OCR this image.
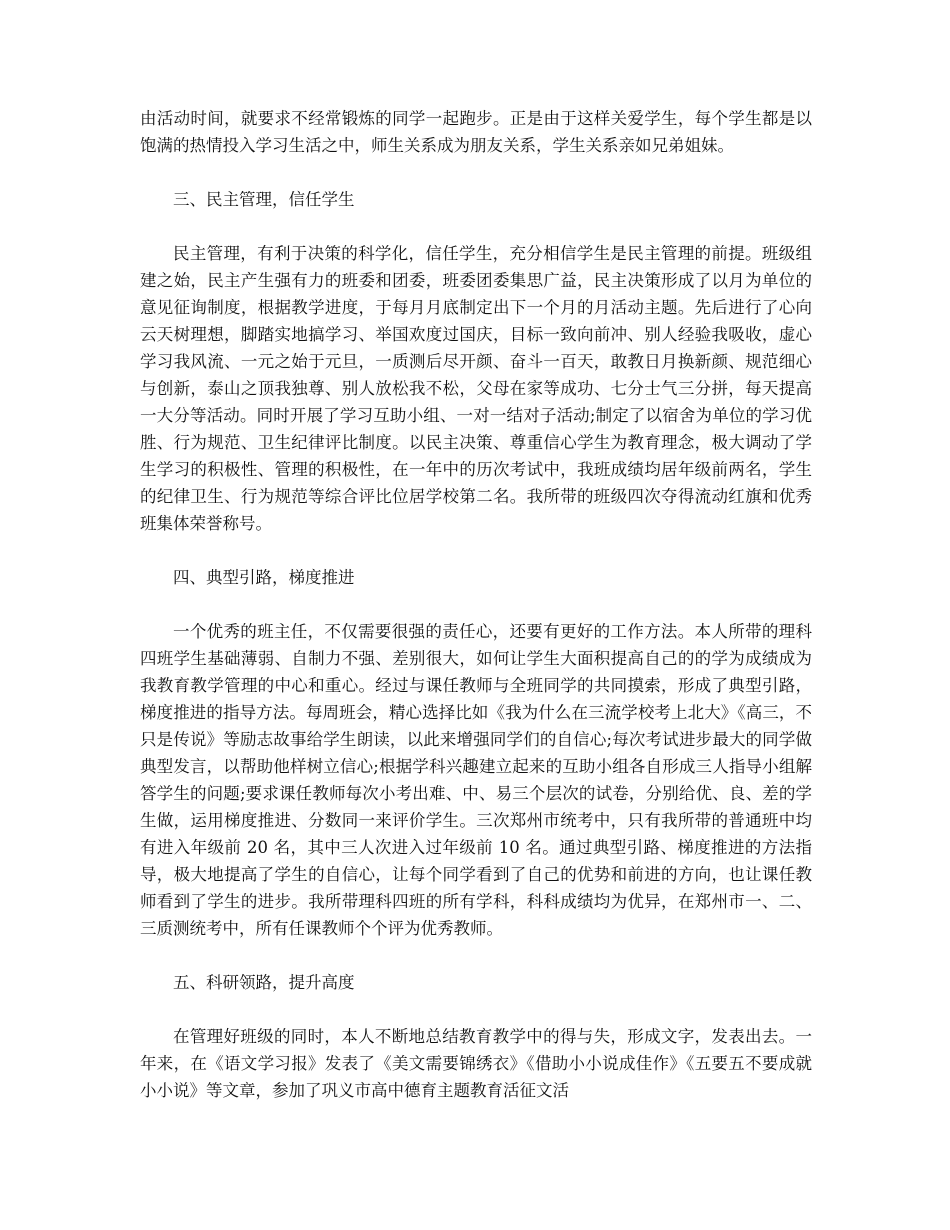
由活动时间，就要求不经常锻炼的同学一起跑步。正是由于这样关爱学生，每个学生都是以饱满的热情投入学习生活之中，师生关系成为朋友关系，学生关系亲如兄弟姐妹。

三、民主管理，信任学生

民主管理，有利于决策的科学化，信任学生，充分相信学生是民主管理的前提。班级组建之始，民主产生强有力的班委和团委，班委团委集思广益，民主决策形成了以月为单位的意见征询制度，根据教学进度，于每月月底制定出下一个月的月活动主题。先后进行了心向云天树理想，脚踏实地搞学习、举国欢度过国庆，目标一致向前冲、别人经验我吸收，虚心学习我风流、一元之始于元旦，一质测后尽开颜、奋斗一百天，敢教日月换新颜、规范细心与创新，泰山之顶我独尊、别人放松我不松，父母在家等成功、七分士气三分拼，每天提高一大分等活动。同时开展了学习互助小组、一对一结对子活动;制定了以宿舍为单位的学习优胜、行为规范、卫生纪律评比制度。以民主决策、尊重信心学生为教育理念，极大调动了学生学习的积极性、管理的积极性，在一年中的历次考试中，我班成绩均居年级前两名，学生的纪律卫生、行为规范等综合评比位居学校第二名。我所带的班级四次夺得流动红旗和优秀班集体荣誉称号。

四、典型引路，梯度推进

一个优秀的班主任，不仅需要很强的责任心，还要有更好的工作方法。本人所带的理科四班学生基础薄弱、自制力不强、差别很大，如何让学生大面积提高自己的的学为成绩成为我教育教学管理的中心和重心。经过与课任教师与全班同学的共同摸索，形成了典型引路，梯度推进的指导方法。每周班会，精心选择比如《我为什么在三流学校考上北大》《高三，不只是传说》等励志故事给学生朗读，以此来增强同学们的自信心;每次考试进步最大的同学做典型发言，以帮助他样树立信心;根据学科兴趣建立起来的互助小组各自形成三人指导小组解答学生的问题;要求课任教师每次小考出难、中、易三个层次的试卷，分别给优、良、差的学生做，运用梯度推进、分数同一来评价学生。三次郑州市统考中，只有我所带的普通班中均有进入年级前 20 名，其中三人次进入过年级前 10 名。通过典型引路、梯度推进的方法指导，极大地提高了学生的自信心，让每个同学看到了自己的优势和前进的方向，也让课任教师看到了学生的进步。我所带理科四班的所有学科，科科成绩均为优异，在郑州市一、二、三质测统考中，所有任课教师个个评为优秀教师。

五、科研领路，提升高度

在管理好班级的同时，本人不断地总结教育教学中的得与失，形成文字，发表出去。一年来，在《语文学习报》发表了《美文需要锦绣衣》《借助小小说成佳作》《五要五不要成就小小说》等文章，参加了巩义市高中德育主题教育活征文活
